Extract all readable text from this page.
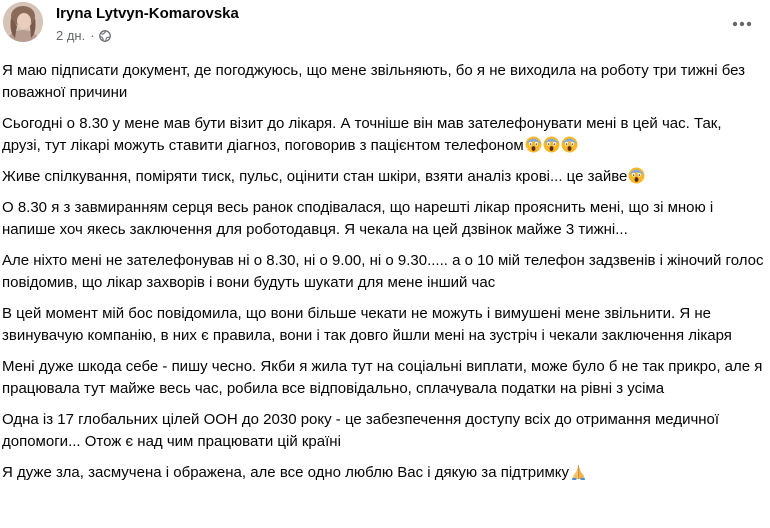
Iryna Lytvyn-Komarovska
2 дн. ·

Я маю підписати документ, де погоджуюсь, що мене звільняють, бо я не виходила на роботу три тижні без поважної причини

Сьогодні о 8.30 у мене мав бути візит до лікаря. А точніше він мав зателефонувати мені в цей час. Так, друзі, тут лікарі можуть ставити діагноз, поговорив з пацієнтом телефоном

Живе спілкування, поміряти тиск, пульс, оцінити стан шкіри, взяти аналіз крові... це зайве

О 8.30 я з завмиранням серця весь ранок сподівалася, що нарешті лікар прояснить мені, що зі мною і напише хоч якесь заключення для роботодавця. Я чекала на цей дзвінок майже 3 тижні...

Але ніхто мені не зателефонував ні о 8.30, ні о 9.00, ні о 9.30..... а о 10 мій телефон задзвенів і жіночий голос повідомив, що лікар захворів і вони будуть шукати для мене інший час

В цей момент мій бос повідомила, що вони більше чекати не можуть і вимушені мене звільнити. Я не звинувачую компанію, в них є правила, вони і так довго йшли мені на зустріч і чекали заключення лікаря

Мені дуже шкода себе - пишу чесно. Якби я жила тут на соціальні виплати, може було б не так прикро, але я працювала тут майже весь час, робила все відповідально, сплачувала податки на рівні з усіма

Одна із 17 глобальних цілей ООН до 2030 року - це забезпечення доступу всіх до отримання медичної допомоги... Отож є над чим працювати цій країні

Я дуже зла, засмучена і ображена, але все одно люблю Вас і дякую за підтримку
